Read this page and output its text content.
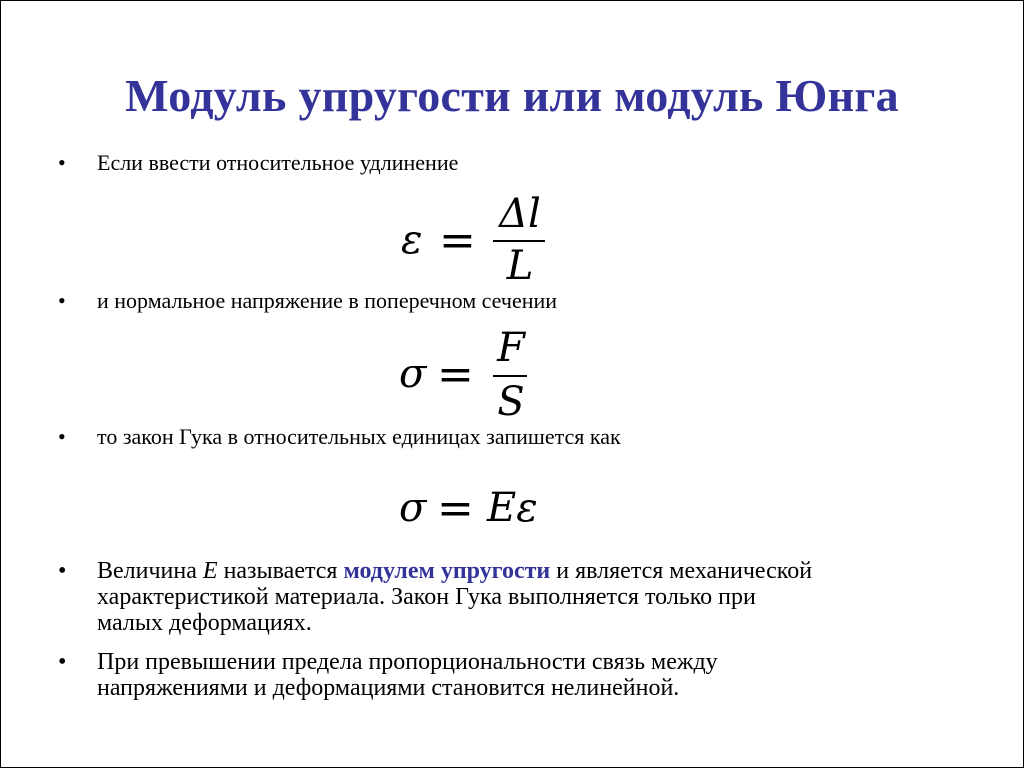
Модуль упругости или модуль Юнга
•	Если ввести относительное удлинение
ε =
Δl
L
•	и нормальное напряжение в поперечном сечении
σ =
F
S
•	то закон Гука в относительных единицах запишется как
σ = Eε
• Величина E называется модулем упругости и является механической
характеристикой материала. Закон Гука выполняется только при
малых деформациях.
• При превышении предела пропорциональности связь между
напряжениями и деформациями становится нелинейной.
